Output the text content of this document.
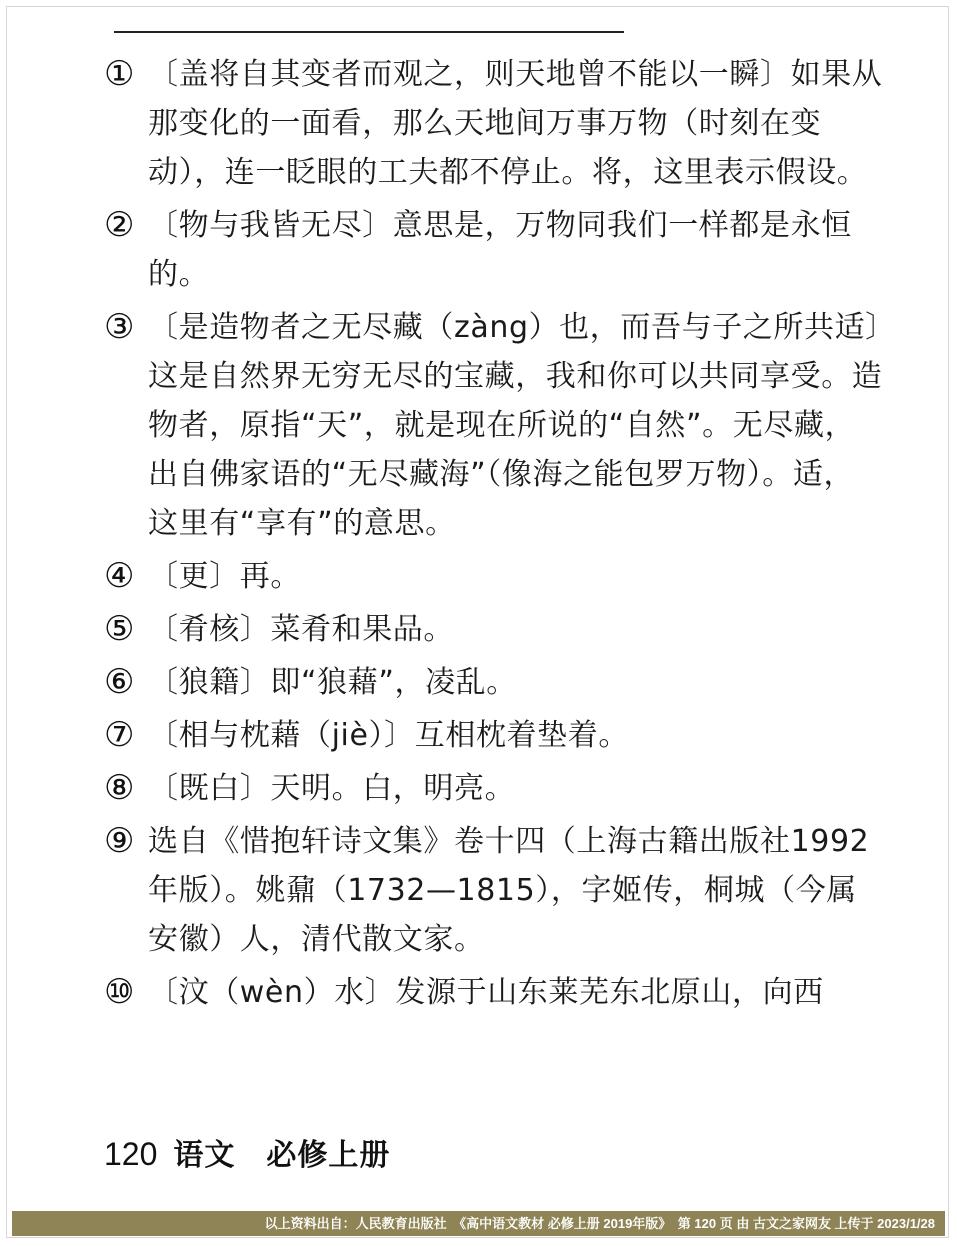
① 〔盖将自其变者而观之，则天地曾不能以一瞬〕如果从那变化的一面看，那么天地间万事万物（时刻在变动），连一眨眼的工夫都不停止。将，这里表示假设。
② 〔物与我皆无尽〕意思是，万物同我们一样都是永恒的。
③ 〔是造物者之无尽藏（zàng）也，而吾与子之所共适〕这是自然界无穷无尽的宝藏，我和你可以共同享受。造物者，原指“天”，就是现在所说的“自然”。无尽藏，出自佛家语的“无尽藏海”（像海之能包罗万物）。适，这里有“享有”的意思。
④ 〔更〕再。
⑤ 〔肴核〕菜肴和果品。
⑥ 〔狼籍〕即“狼藉”，凌乱。
⑦ 〔相与枕藉（jiè）〕互相枕着垫着。
⑧ 〔既白〕天明。白，明亮。
⑨ 选自《惜抱轩诗文集》卷十四（上海古籍出版社1992年版）。姚鼐（1732—1815），字姬传，桐城（今属安徽）人，清代散文家。
⑩ 〔汶（wèn）水〕发源于山东莱芜东北原山，向西
120 语文　必修上册
以上资料出自：人民教育出版社　《高中语文教材 必修上册 2019年版》　第 120 页 由 古文之家网友 上传于 2023/1/28
